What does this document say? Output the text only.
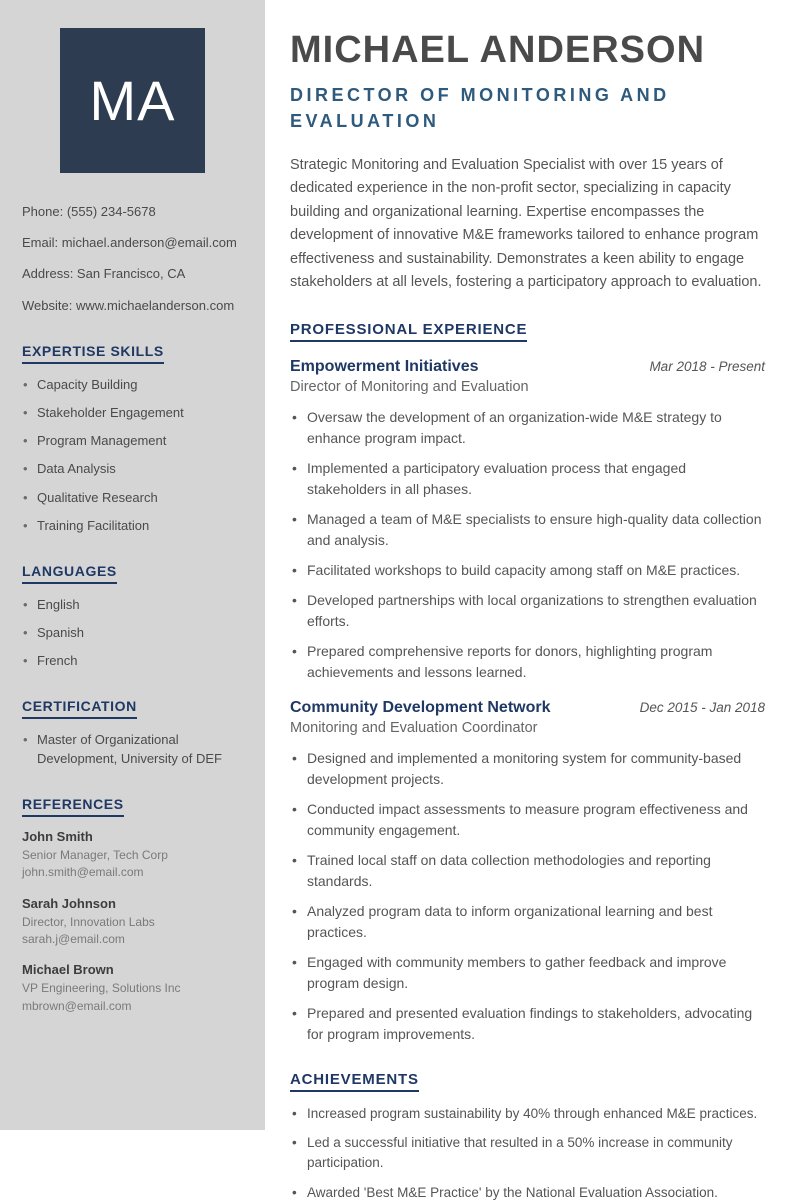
MA

Phone: (555) 234-5678

Email: michael.anderson@email.com

Address: San Francisco, CA

Website: www.michaelanderson.com

EXPERTISE SKILLS
• Capacity Building
• Stakeholder Engagement
• Program Management
• Data Analysis
• Qualitative Research
• Training Facilitation
LANGUAGES
• English
• Spanish
• French
CERTIFICATION
• Master of Organizational Development, University of DEF
REFERENCES
John Smith
Senior Manager, Tech Corp
john.smith@email.com
Sarah Johnson
Director, Innovation Labs
sarah.j@email.com
Michael Brown
VP Engineering, Solutions Inc
mbrown@email.com
MICHAEL ANDERSON
DIRECTOR OF MONITORING AND EVALUATION

Strategic Monitoring and Evaluation Specialist with over 15 years of dedicated experience in the non-profit sector, specializing in capacity building and organizational learning. Expertise encompasses the development of innovative M&E frameworks tailored to enhance program effectiveness and sustainability. Demonstrates a keen ability to engage stakeholders at all levels, fostering a participatory approach to evaluation.

PROFESSIONAL EXPERIENCE
Empowerment Initiatives	Mar 2018 - Present
Director of Monitoring and Evaluation
• Oversaw the development of an organization-wide M&E strategy to enhance program impact.
• Implemented a participatory evaluation process that engaged stakeholders in all phases.
• Managed a team of M&E specialists to ensure high-quality data collection and analysis.
• Facilitated workshops to build capacity among staff on M&E practices.
• Developed partnerships with local organizations to strengthen evaluation efforts.
• Prepared comprehensive reports for donors, highlighting program achievements and lessons learned.
Community Development Network	Dec 2015 - Jan 2018
Monitoring and Evaluation Coordinator
• Designed and implemented a monitoring system for community-based development projects.
• Conducted impact assessments to measure program effectiveness and community engagement.
• Trained local staff on data collection methodologies and reporting standards.
• Analyzed program data to inform organizational learning and best practices.
• Engaged with community members to gather feedback and improve program design.
• Prepared and presented evaluation findings to stakeholders, advocating for program improvements.
ACHIEVEMENTS
• Increased program sustainability by 40% through enhanced M&E practices.
• Led a successful initiative that resulted in a 50% increase in community participation.
• Awarded 'Best M&E Practice' by the National Evaluation Association.
